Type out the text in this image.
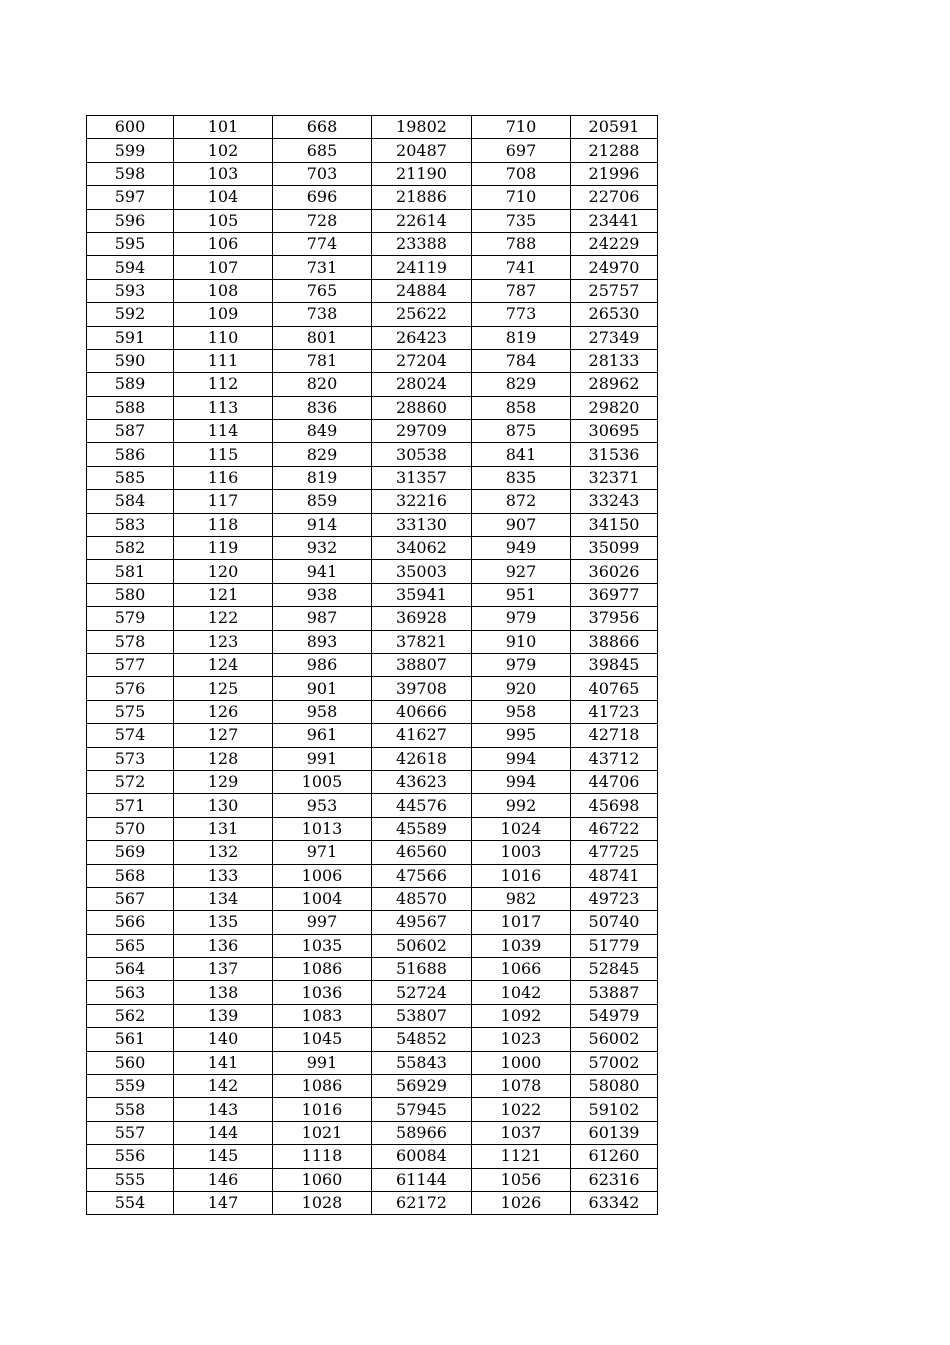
600	101	668	19802	710	20591
599	102	685	20487	697	21288
598	103	703	21190	708	21996
597	104	696	21886	710	22706
596	105	728	22614	735	23441
595	106	774	23388	788	24229
594	107	731	24119	741	24970
593	108	765	24884	787	25757
592	109	738	25622	773	26530
591	110	801	26423	819	27349
590	111	781	27204	784	28133
589	112	820	28024	829	28962
588	113	836	28860	858	29820
587	114	849	29709	875	30695
586	115	829	30538	841	31536
585	116	819	31357	835	32371
584	117	859	32216	872	33243
583	118	914	33130	907	34150
582	119	932	34062	949	35099
581	120	941	35003	927	36026
580	121	938	35941	951	36977
579	122	987	36928	979	37956
578	123	893	37821	910	38866
577	124	986	38807	979	39845
576	125	901	39708	920	40765
575	126	958	40666	958	41723
574	127	961	41627	995	42718
573	128	991	42618	994	43712
572	129	1005	43623	994	44706
571	130	953	44576	992	45698
570	131	1013	45589	1024	46722
569	132	971	46560	1003	47725
568	133	1006	47566	1016	48741
567	134	1004	48570	982	49723
566	135	997	49567	1017	50740
565	136	1035	50602	1039	51779
564	137	1086	51688	1066	52845
563	138	1036	52724	1042	53887
562	139	1083	53807	1092	54979
561	140	1045	54852	1023	56002
560	141	991	55843	1000	57002
559	142	1086	56929	1078	58080
558	143	1016	57945	1022	59102
557	144	1021	58966	1037	60139
556	145	1118	60084	1121	61260
555	146	1060	61144	1056	62316
554	147	1028	62172	1026	63342
